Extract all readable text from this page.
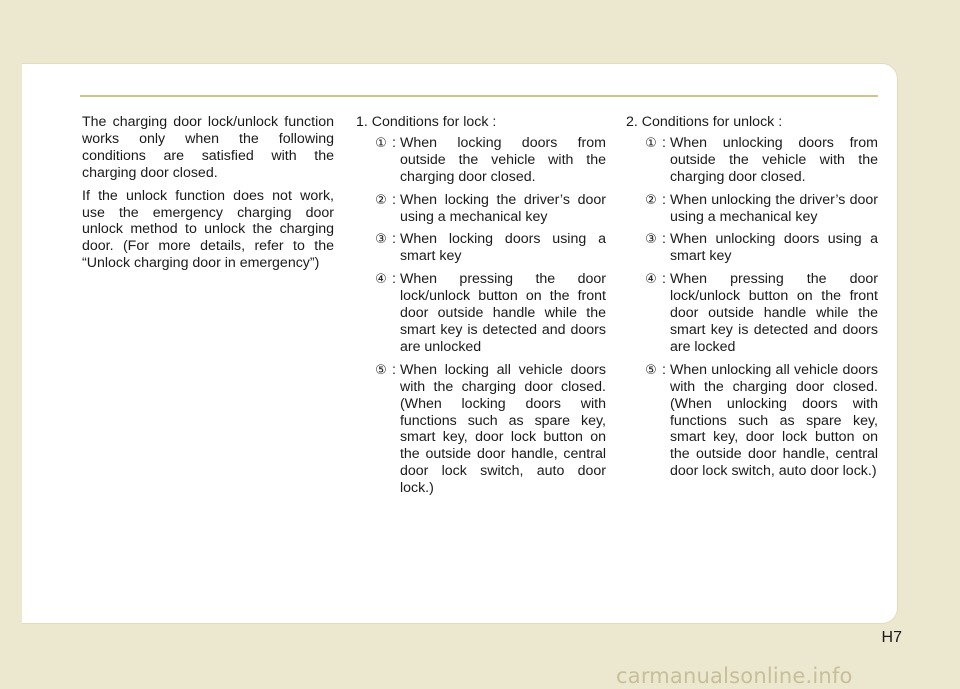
The charging door lock/unlock function works only when the following conditions are satisfied with the charging door closed.

If the unlock function does not work, use the emergency charging door unlock method to unlock the charging door. (For more details, refer to the “Unlock charging door in emergency”)

1. Conditions for lock :
① : When locking doors from outside the vehicle with the charging door closed.
② : When locking the driver’s door using a mechanical key
③ : When locking doors using a smart key
④ : When pressing the door lock/unlock button on the front door outside handle while the smart key is detected and doors are unlocked
⑤ : When locking all vehicle doors with the charging door closed. (When locking doors with functions such as spare key, smart key, door lock button on the outside door handle, central door lock switch, auto door lock.)
2. Conditions for unlock :
① : When unlocking doors from outside the vehicle with the charging door closed.
② : When unlocking the driver’s door using a mechanical key
③ : When unlocking doors using a smart key
④ : When pressing the door lock/unlock button on the front door outside handle while the smart key is detected and doors are locked
⑤ : When unlocking all vehicle doors with the charging door closed. (When unlocking doors with functions such as spare key, smart key, door lock button on the outside door handle, central door lock switch, auto door lock.)
H7
carmanualsonline.info
